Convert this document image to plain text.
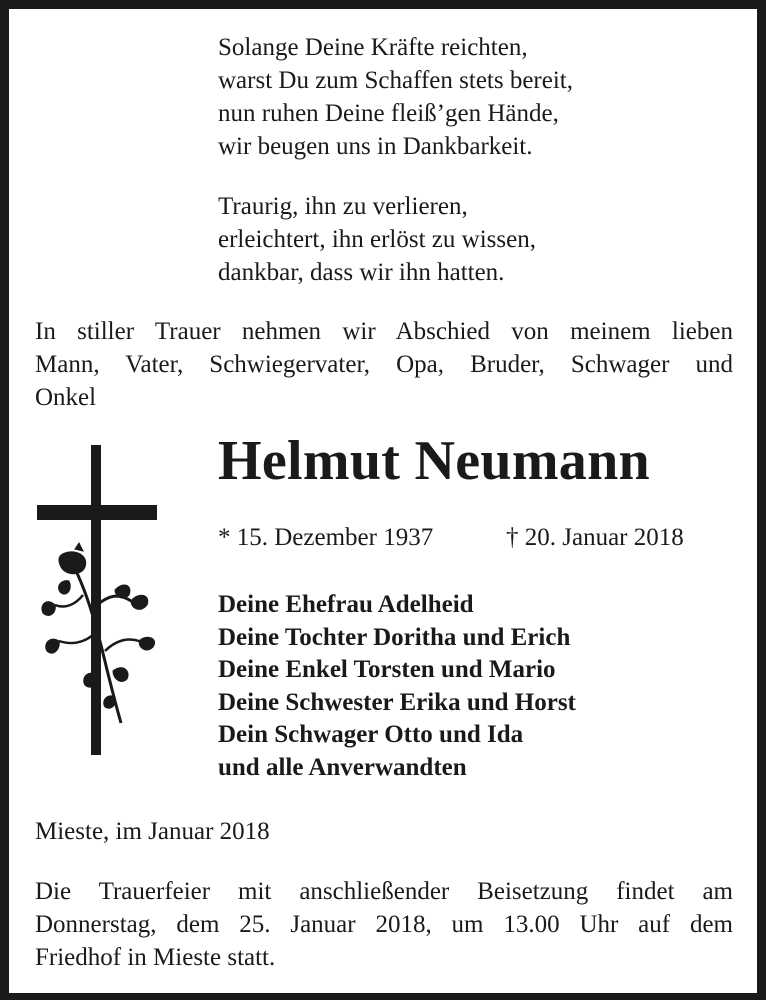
Solange Deine Kräfte reichten,
warst Du zum Schaffen stets bereit,
nun ruhen Deine fleiß’gen Hände,
wir beugen uns in Dankbarkeit.
Traurig, ihn zu verlieren,
erleichtert, ihn erlöst zu wissen,
dankbar, dass wir ihn hatten.
In stiller Trauer nehmen wir Abschied von meinem lieben
Mann, Vater, Schwiegervater, Opa, Bruder, Schwager und
Onkel
Helmut Neumann
* 15. Dezember 1937	† 20. Januar 2018
Deine Ehefrau Adelheid
Deine Tochter Doritha und Erich
Deine Enkel Torsten und Mario
Deine Schwester Erika und Horst
Dein Schwager Otto und Ida
und alle Anverwandten
Mieste, im Januar 2018
Die Trauerfeier mit anschließender Beisetzung findet am
Donnerstag, dem 25. Januar 2018, um 13.00 Uhr auf dem
Friedhof in Mieste statt.
